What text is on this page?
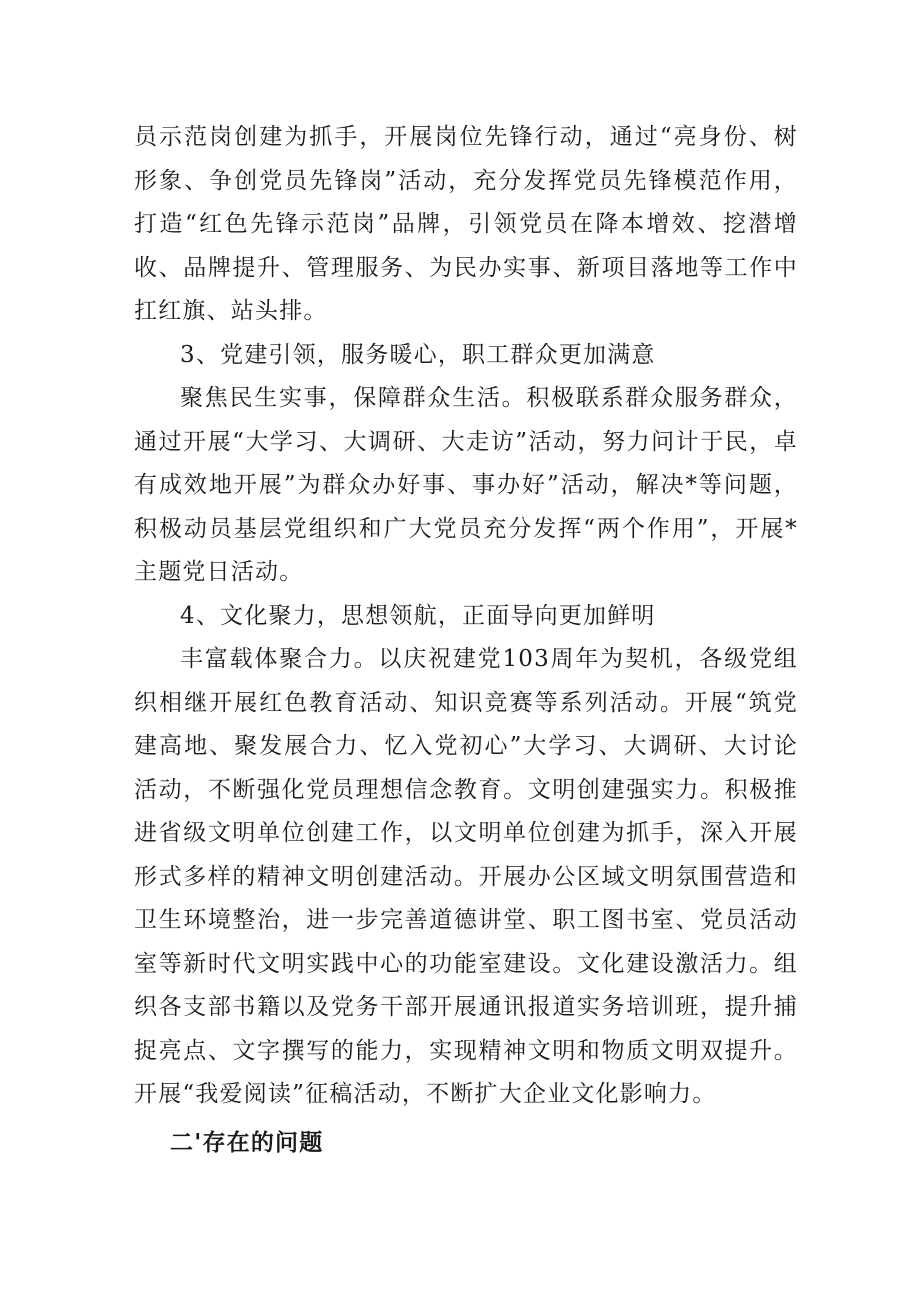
员示范岗创建为抓手，开展岗位先锋行动，通过“亮身份、树形象、争创党员先锋岗”活动，充分发挥党员先锋模范作用，打造“红色先锋示范岗”品牌，引领党员在降本增效、挖潜增收、品牌提升、管理服务、为民办实事、新项目落地等工作中扛红旗、站头排。

3、党建引领，服务暖心，职工群众更加满意

聚焦民生实事，保障群众生活。积极联系群众服务群众，通过开展“大学习、大调研、大走访”活动，努力问计于民，卓有成效地开展”为群众办好事、事办好”活动，解决*等问题，积极动员基层党组织和广大党员充分发挥“两个作用”，开展*主题党日活动。

4、文化聚力，思想领航，正面导向更加鲜明

丰富载体聚合力。以庆祝建党103周年为契机，各级党组织相继开展红色教育活动、知识竞赛等系列活动。开展“筑党建高地、聚发展合力、忆入党初心”大学习、大调研、大讨论活动，不断强化党员理想信念教育。文明创建强实力。积极推进省级文明单位创建工作，以文明单位创建为抓手，深入开展形式多样的精神文明创建活动。开展办公区域文明氛围营造和卫生环境整治，进一步完善道德讲堂、职工图书室、党员活动室等新时代文明实践中心的功能室建设。文化建设激活力。组织各支部书籍以及党务干部开展通讯报道实务培训班，提升捕捉亮点、文字撰写的能力，实现精神文明和物质文明双提升。开展“我爱阅读”征稿活动，不断扩大企业文化影响力。

二'存在的问题
